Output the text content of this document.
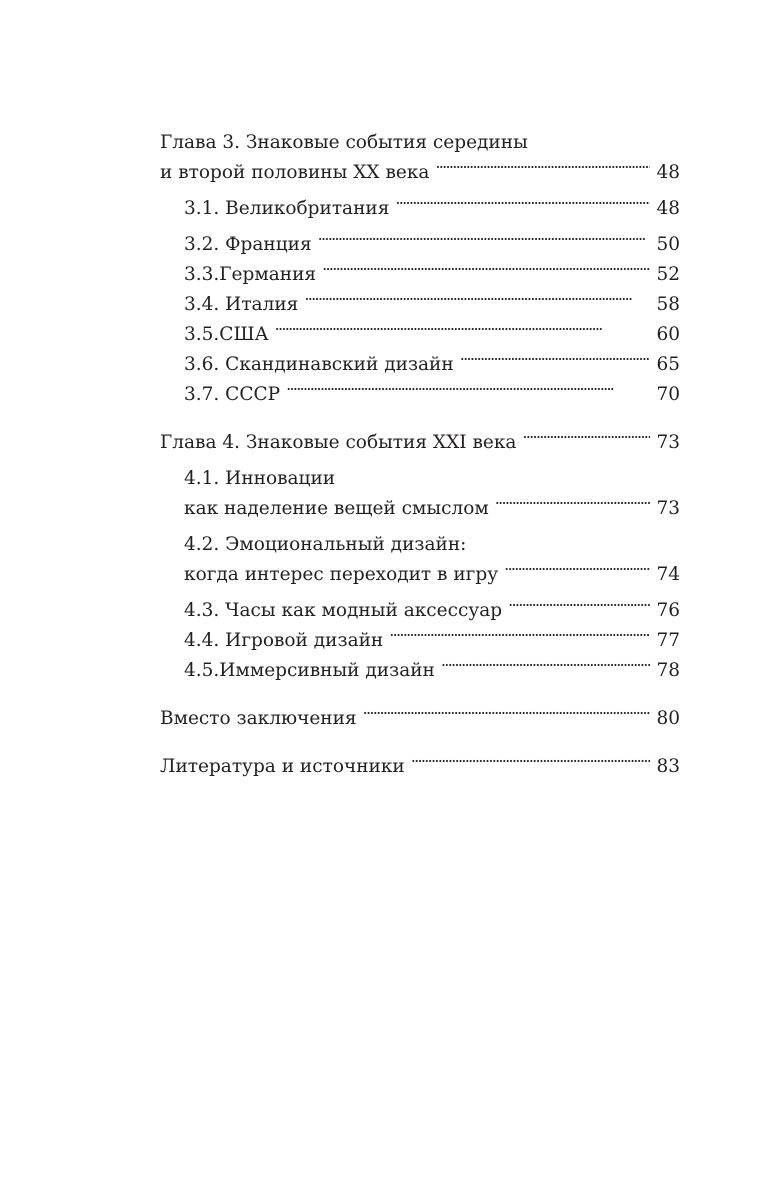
Глава 3. Знаковые события середины
и второй половины XX века . . .	48
3.1. Великобритания . . .	48
3.2. Франция . . .	50
3.3.Германия . . .	52
3.4. Италия . . .	58
3.5.США . . .	60
3.6. Скандинавский дизайн . . .	65
3.7. СССР . . .	70
Глава 4. Знаковые события XXI века . . .	73
4.1. Инновации
как наделение вещей смыслом . . .	73
4.2. Эмоциональный дизайн:
когда интерес переходит в игру . . .	74
4.3. Часы как модный аксессуар . . .	76
4.4. Игровой дизайн . . .	77
4.5.Иммерсивный дизайн . . .	78
Вместо заключения . . .	80
Литература и источники . . .	83
